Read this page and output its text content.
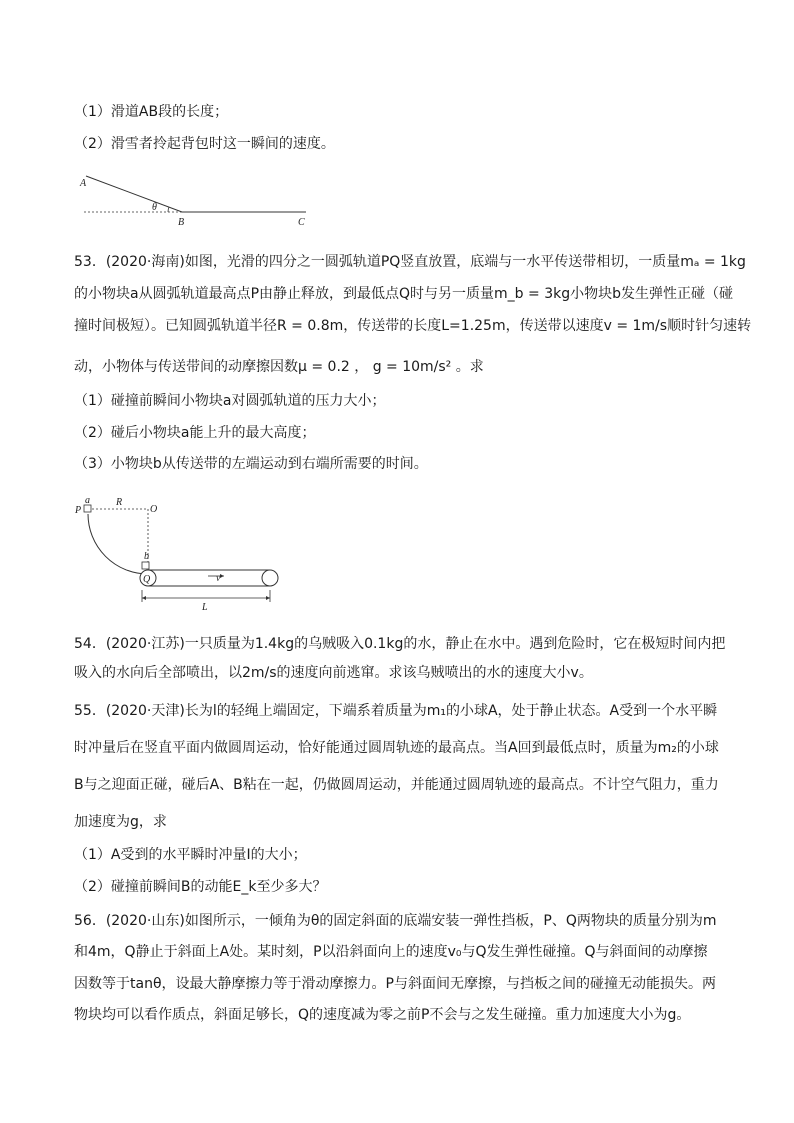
（1）滑道AB段的长度；
（2）滑雪者拎起背包时这一瞬间的速度。
A
θ
B	C
53．(2020·海南)如图，光滑的四分之一圆弧轨道PQ竖直放置，底端与一水平传送带相切，一质量mₐ = 1kg
的小物块a从圆弧轨道最高点P由静止释放，到最低点Q时与另一质量m_b = 3kg小物块b发生弹性正碰（碰
撞时间极短）。已知圆弧轨道半径R = 0.8m，传送带的长度L=1.25m，传送带以速度v = 1m/s顺时针匀速转
动，小物体与传送带间的动摩擦因数μ = 0.2 ， g = 10m/s² 。求
（1）碰撞前瞬间小物块a对圆弧轨道的压力大小；
（2）碰后小物块a能上升的最大高度；
（3）小物块b从传送带的左端运动到右端所需要的时间。
P
a	R
O
b
Q	v
L
54．(2020·江苏)一只质量为1.4kg的乌贼吸入0.1kg的水，静止在水中。遇到危险时，它在极短时间内把
吸入的水向后全部喷出，以2m/s的速度向前逃窜。求该乌贼喷出的水的速度大小v。
55．(2020·天津)长为l的轻绳上端固定，下端系着质量为m₁的小球A，处于静止状态。A受到一个水平瞬
时冲量后在竖直平面内做圆周运动，恰好能通过圆周轨迹的最高点。当A回到最低点时，质量为m₂的小球
B与之迎面正碰，碰后A、B粘在一起，仍做圆周运动，并能通过圆周轨迹的最高点。不计空气阻力，重力
加速度为g，求
（1）A受到的水平瞬时冲量I的大小；
（2）碰撞前瞬间B的动能E_k至少多大？
56．(2020·山东)如图所示，一倾角为θ的固定斜面的底端安装一弹性挡板，P、Q两物块的质量分别为m
和4m，Q静止于斜面上A处。某时刻，P以沿斜面向上的速度v₀与Q发生弹性碰撞。Q与斜面间的动摩擦
因数等于tanθ，设最大静摩擦力等于滑动摩擦力。P与斜面间无摩擦，与挡板之间的碰撞无动能损失。两
物块均可以看作质点，斜面足够长，Q的速度减为零之前P不会与之发生碰撞。重力加速度大小为g。
